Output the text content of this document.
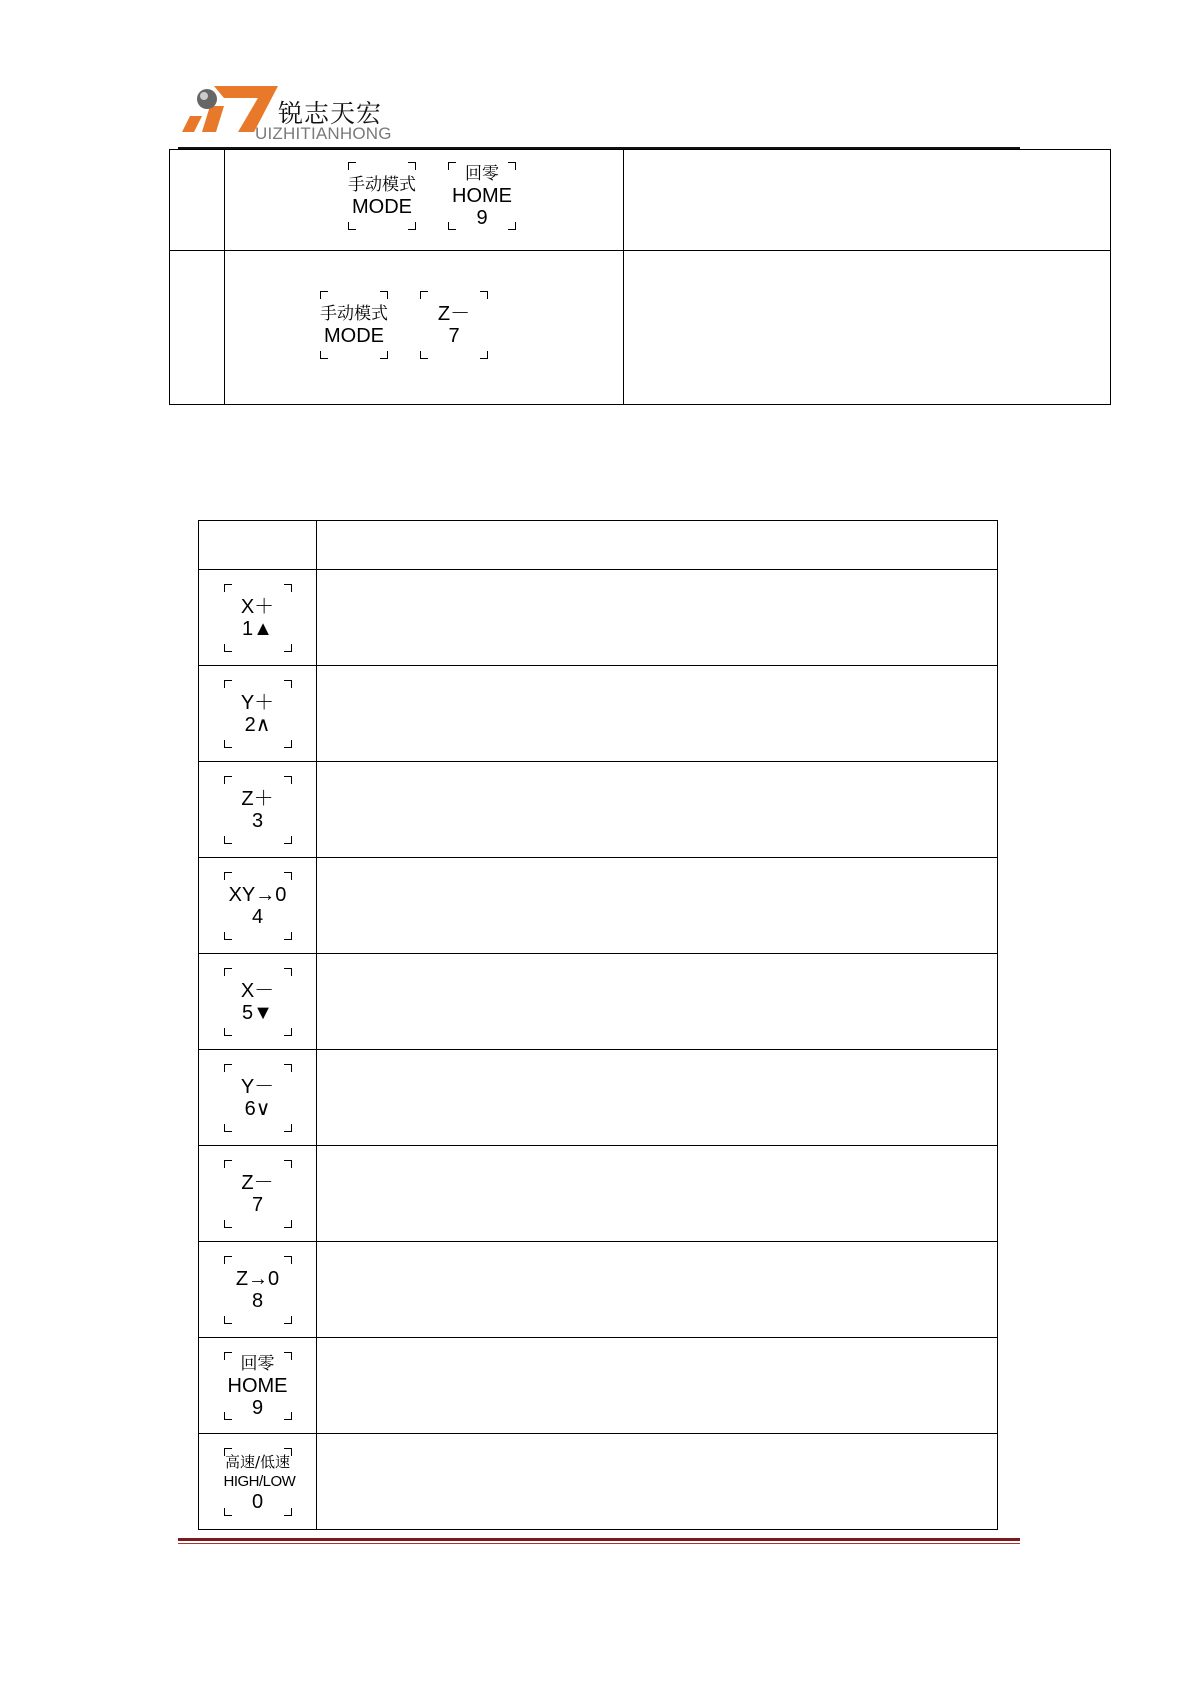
锐志天宏
UIZHITIANHONG

	手动模式
MODE
回零
HOME
9	

	手动模式
MODE
Z－
7	

X＋
1▲	

Y＋
2∧	

Z＋
3	

XY→0
4	

X－
5▼	

Y－
6∨	

Z－
7	

Z→0
8	

回零
HOME
9	

高速/低速
HIGH/LOW
0	
